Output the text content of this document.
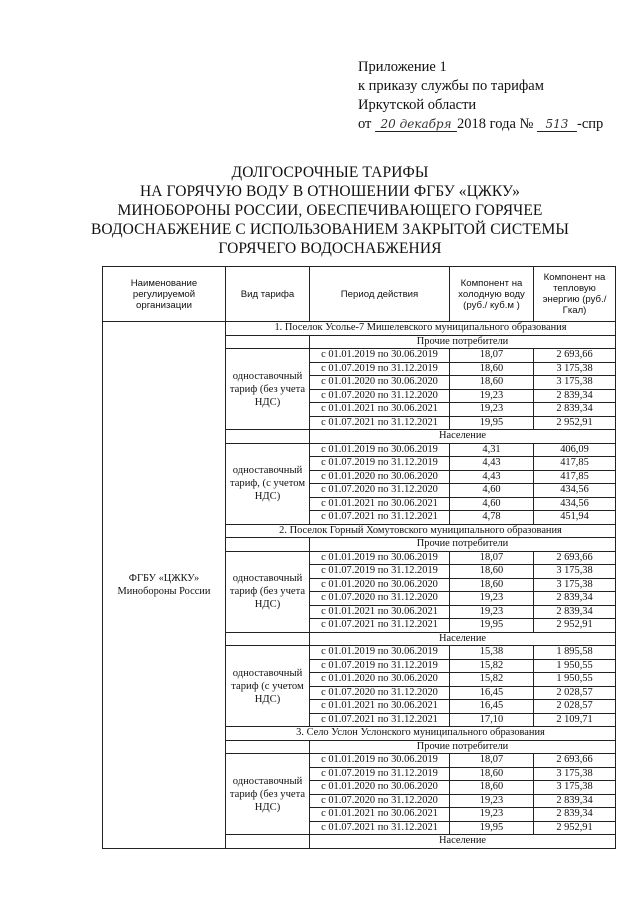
Приложение 1
к приказу службы по тарифам
Иркутской области
от 20 декабря 2018 года № 513 -спр
ДОЛГОСРОЧНЫЕ ТАРИФЫ
НА ГОРЯЧУЮ ВОДУ В ОТНОШЕНИИ ФГБУ «ЦЖКУ»
МИНОБОРОНЫ РОССИИ, ОБЕСПЕЧИВАЮЩЕГО ГОРЯЧЕЕ
ВОДОСНАБЖЕНИЕ С ИСПОЛЬЗОВАНИЕМ ЗАКРЫТОЙ СИСТЕМЫ
ГОРЯЧЕГО ВОДОСНАБЖЕНИЯ
Наименование регулируемой организации	Вид тарифа	Период действия	Компонент на холодную воду (руб./ куб.м )	Компонент на тепловую энергию (руб./Гкал)
ФГБУ «ЦЖКУ» Минобороны России	1. Поселок Усолье-7 Мишелевского муниципального образования			
		Прочие потребители		
	одноставочный тариф (без учета НДС)	с 01.01.2019 по 30.06.2019	18,07	2 693,66
		с 01.07.2019 по 31.12.2019	18,60	3 175,38
		с 01.01.2020 по 30.06.2020	18,60	3 175,38
		с 01.07.2020 по 31.12.2020	19,23	2 839,34
		с 01.01.2021 по 30.06.2021	19,23	2 839,34
		с 01.07.2021 по 31.12.2021	19,95	2 952,91
		Население		
	одноставочный тариф, (с учетом НДС)	с 01.01.2019 по 30.06.2019	4,31	406,09
		с 01.07.2019 по 31.12.2019	4,43	417,85
		с 01.01.2020 по 30.06.2020	4,43	417,85
		с 01.07.2020 по 31.12.2020	4,60	434,56
		с 01.01.2021 по 30.06.2021	4,60	434,56
		с 01.07.2021 по 31.12.2021	4,78	451,94
	2. Поселок Горный Хомутовского муниципального образования			
		Прочие потребители		
	одноставочный тариф (без учета НДС)	с 01.01.2019 по 30.06.2019	18,07	2 693,66
		с 01.07.2019 по 31.12.2019	18,60	3 175,38
		с 01.01.2020 по 30.06.2020	18,60	3 175,38
		с 01.07.2020 по 31.12.2020	19,23	2 839,34
		с 01.01.2021 по 30.06.2021	19,23	2 839,34
		с 01.07.2021 по 31.12.2021	19,95	2 952,91
		Население		
	одноставочный тариф (с учетом НДС)	с 01.01.2019 по 30.06.2019	15,38	1 895,58
		с 01.07.2019 по 31.12.2019	15,82	1 950,55
		с 01.01.2020 по 30.06.2020	15,82	1 950,55
		с 01.07.2020 по 31.12.2020	16,45	2 028,57
		с 01.01.2021 по 30.06.2021	16,45	2 028,57
		с 01.07.2021 по 31.12.2021	17,10	2 109,71
	3. Село Услон Услонского муниципального образования			
		Прочие потребители		
	одноставочный тариф (без учета НДС)	с 01.01.2019 по 30.06.2019	18,07	2 693,66
		с 01.07.2019 по 31.12.2019	18,60	3 175,38
		с 01.01.2020 по 30.06.2020	18,60	3 175,38
		с 01.07.2020 по 31.12.2020	19,23	2 839,34
		с 01.01.2021 по 30.06.2021	19,23	2 839,34
		с 01.07.2021 по 31.12.2021	19,95	2 952,91
		Население		
